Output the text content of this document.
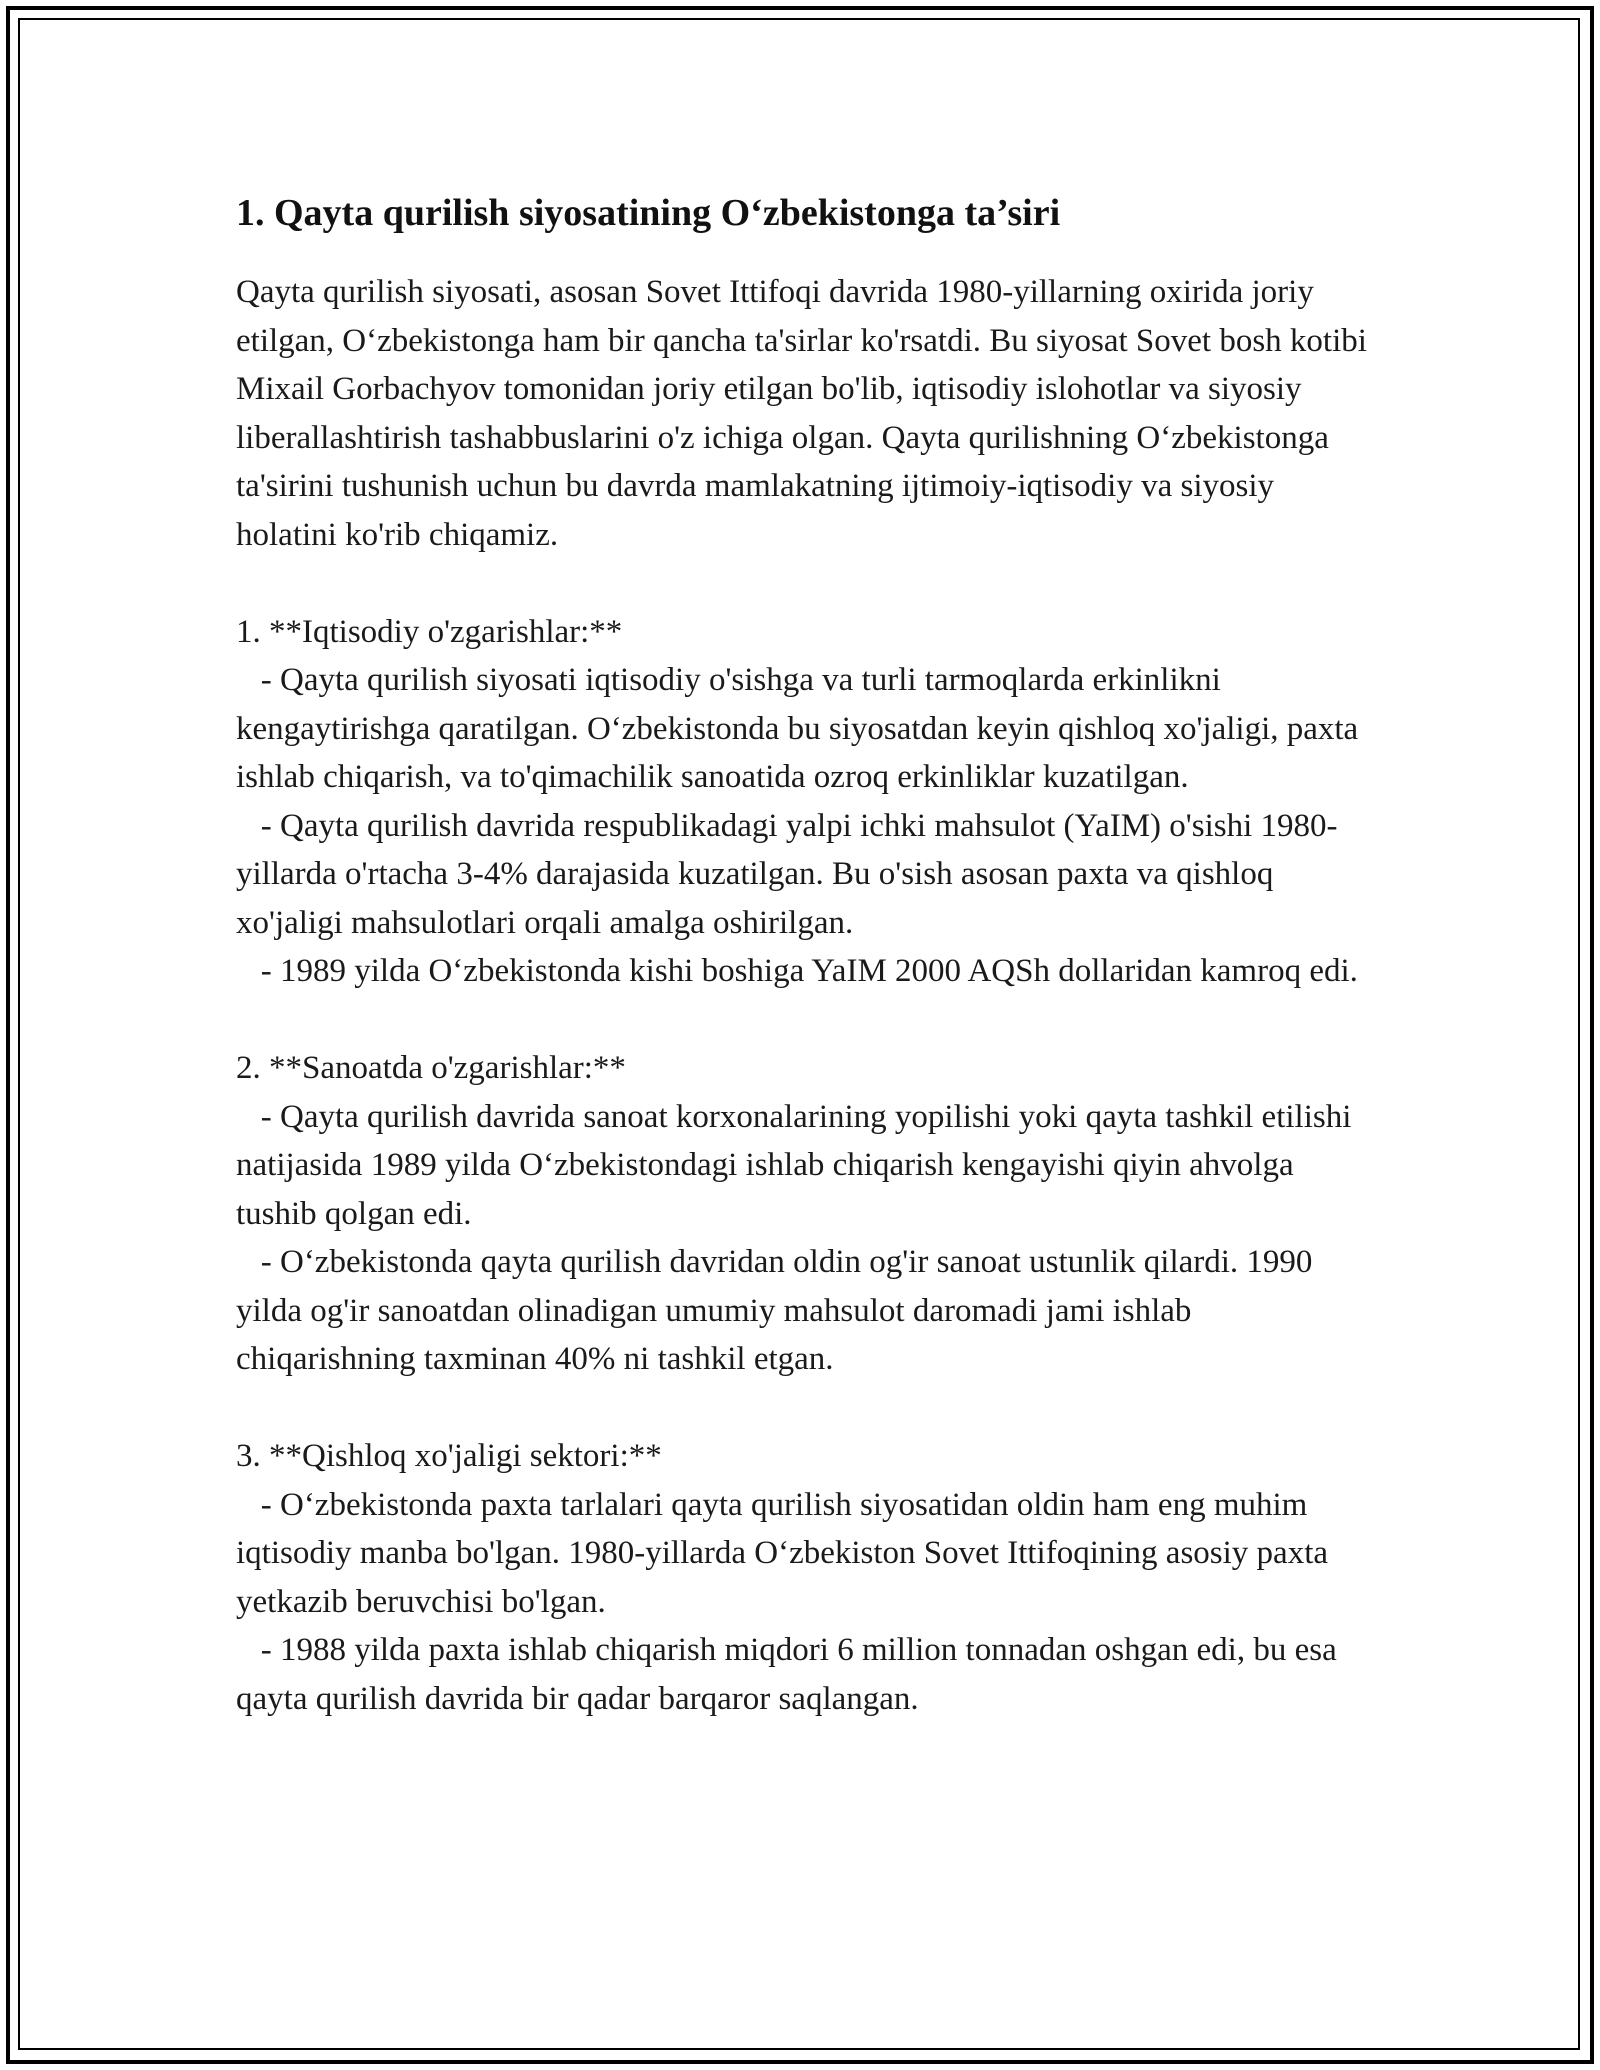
1. Qayta qurilish siyosatining O‘zbekistonga ta’siri

Qayta qurilish siyosati, asosan Sovet Ittifoqi davrida 1980-yillarning oxirida joriy etilgan, O‘zbekistonga ham bir qancha ta'sirlar ko'rsatdi. Bu siyosat Sovet bosh kotibi Mixail Gorbachyov tomonidan joriy etilgan bo'lib, iqtisodiy islohotlar va siyosiy liberallashtirish tashabbuslarini o'z ichiga olgan. Qayta qurilishning O‘zbekistonga ta'sirini tushunish uchun bu davrda mamlakatning ijtimoiy-iqtisodiy va siyosiy holatini ko'rib chiqamiz.

1. **Iqtisodiy o'zgarishlar:**

- Qayta qurilish siyosati iqtisodiy o'sishga va turli tarmoqlarda erkinlikni kengaytirishga qaratilgan. O‘zbekistonda bu siyosatdan keyin qishloq xo'jaligi, paxta ishlab chiqarish, va to'qimachilik sanoatida ozroq erkinliklar kuzatilgan.

- Qayta qurilish davrida respublikadagi yalpi ichki mahsulot (YaIM) o'sishi 1980-yillarda o'rtacha 3-4% darajasida kuzatilgan. Bu o'sish asosan paxta va qishloq xo'jaligi mahsulotlari orqali amalga oshirilgan.

- 1989 yilda O‘zbekistonda kishi boshiga YaIM 2000 AQSh dollaridan kamroq edi.

2. **Sanoatda o'zgarishlar:**

- Qayta qurilish davrida sanoat korxonalarining yopilishi yoki qayta tashkil etilishi natijasida 1989 yilda O‘zbekistondagi ishlab chiqarish kengayishi qiyin ahvolga tushib qolgan edi.

- O‘zbekistonda qayta qurilish davridan oldin og'ir sanoat ustunlik qilardi. 1990 yilda og'ir sanoatdan olinadigan umumiy mahsulot daromadi jami ishlab chiqarishning taxminan 40% ni tashkil etgan.

3. **Qishloq xo'jaligi sektori:**

- O‘zbekistonda paxta tarlalari qayta qurilish siyosatidan oldin ham eng muhim iqtisodiy manba bo'lgan. 1980-yillarda O‘zbekiston Sovet Ittifoqining asosiy paxta yetkazib beruvchisi bo'lgan.

- 1988 yilda paxta ishlab chiqarish miqdori 6 million tonnadan oshgan edi, bu esa qayta qurilish davrida bir qadar barqaror saqlangan.
